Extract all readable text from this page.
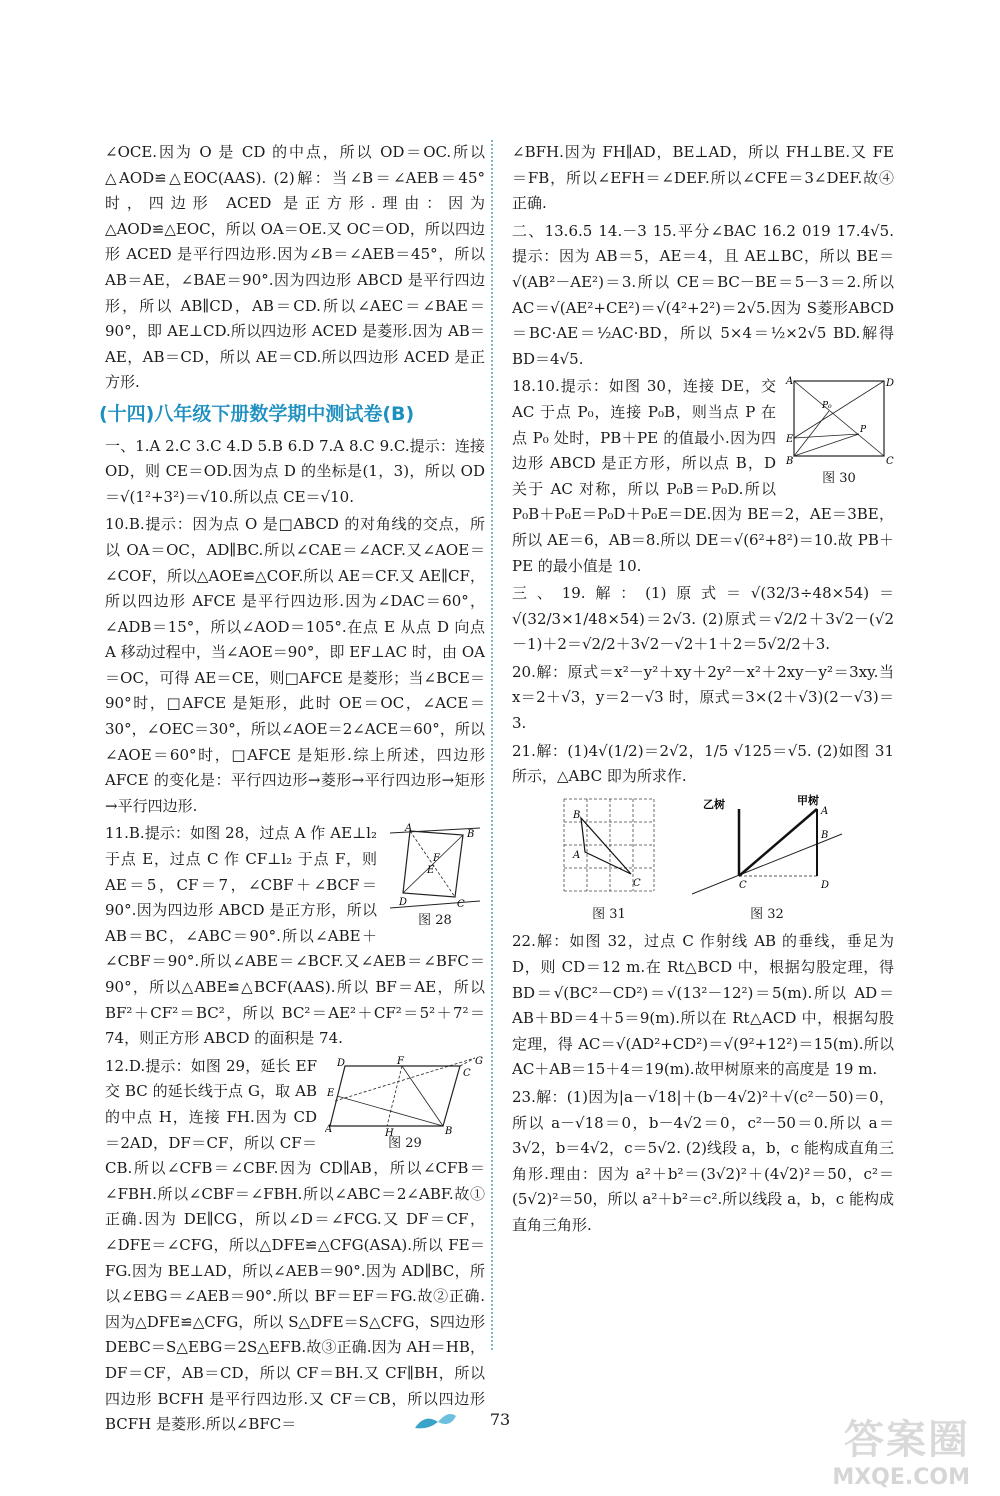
∠OCE.因为 O 是 CD 的中点，所以 OD＝OC.所以△AOD≌△EOC(AAS). (2)解：当∠B＝∠AEB＝45°时，四边形 ACED 是正方形.理由：因为△AOD≌△EOC，所以 OA＝OE.又 OC＝OD，所以四边形 ACED 是平行四边形.因为∠B＝∠AEB＝45°，所以 AB＝AE，∠BAE＝90°.因为四边形 ABCD 是平行四边形，所以 AB∥CD，AB＝CD.所以∠AEC＝∠BAE＝90°，即 AE⊥CD.所以四边形 ACED 是菱形.因为 AB＝AE，AB＝CD，所以 AE＝CD.所以四边形 ACED 是正方形.

(十四)八年级下册数学期中测试卷(B)

一、1.A 2.C 3.C 4.D 5.B 6.D 7.A 8.C 9.C.提示：连接 OD，则 CE＝OD.因为点 D 的坐标是(1，3)，所以 OD＝√(1²+3²)＝√10.所以点 CE＝√10.

10.B.提示：因为点 O 是□ABCD 的对角线的交点，所以 OA＝OC，AD∥BC.所以∠CAE＝∠ACF.又∠AOE＝∠COF，所以△AOE≌△COF.所以 AE＝CF.又 AE∥CF，所以四边形 AFCE 是平行四边形.因为∠DAC＝60°，∠ADB＝15°，所以∠AOD＝105°.在点 E 从点 D 向点 A 移动过程中，当∠AOE＝90°，即 EF⊥AC 时，由 OA＝OC，可得 AE＝CE，则□AFCE 是菱形；当∠BCE＝90°时，□AFCE 是矩形，此时 OE＝OC，∠ACE＝30°，∠OEC＝30°，所以∠AOE＝2∠ACE＝60°，所以∠AOE＝60°时，□AFCE 是矩形.综上所述，四边形 AFCE 的变化是：平行四边形→菱形→平行四边形→矩形→平行四边形.

A
B
C
D
F
E
图 28

11.B.提示：如图 28，过点 A 作 AE⊥l₂ 于点 E，过点 C 作 CF⊥l₂ 于点 F，则 AE＝5，CF＝7，∠CBF＋∠BCF＝90°.因为四边形 ABCD 是正方形，所以 AB＝BC，∠ABC＝90°.所以∠ABE＋∠CBF＝90°.所以∠ABE＝∠BCF.又∠AEB＝∠BFC＝90°，所以△ABE≌△BCF(AAS).所以 BF＝AE，所以 BF²＋CF²＝BC²，所以 BC²＝AE²＋CF²＝5²＋7²＝74，则正方形 ABCD 的面积是 74.

D	F	G
C
E
A	H	B
图 29

12.D.提示：如图 29，延长 EF 交 BC 的延长线于点 G，取 AB 的中点 H，连接 FH.因为 CD＝2AD，DF＝CF，所以 CF＝CB.所以∠CFB＝∠CBF.因为 CD∥AB，所以∠CFB＝∠FBH.所以∠CBF＝∠FBH.所以∠ABC＝2∠ABF.故①正确.因为 DE∥CG，所以∠D＝∠FCG.又 DF＝CF，∠DFE＝∠CFG，所以△DFE≌△CFG(ASA).所以 FE＝FG.因为 BE⊥AD，所以∠AEB＝90°.因为 AD∥BC，所以∠EBG＝∠AEB＝90°.所以 BF＝EF＝FG.故②正确.因为△DFE≌△CFG，所以 S△DFE＝S△CFG，S四边形DEBC＝S△EBG＝2S△EFB.故③正确.因为 AH＝HB，DF＝CF，AB＝CD，所以 CF＝BH.又 CF∥BH，所以四边形 BCFH 是平行四边形.又 CF＝CB，所以四边形 BCFH 是菱形.所以∠BFC＝

∠BFH.因为 FH∥AD，BE⊥AD，所以 FH⊥BE.又 FE＝FB，所以∠EFH＝∠DEF.所以∠CFE＝3∠DEF.故④正确.

二、13.6.5 14.－3 15.平分∠BAC 16.2 019 17.4√5.提示：因为 AB＝5，AE＝4，且 AE⊥BC，所以 BE＝√(AB²－AE²)＝3.所以 CE＝BC－BE＝5－3＝2.所以 AC＝√(AE²+CE²)＝√(4²+2²)＝2√5.因为 S菱形ABCD＝BC·AE＝½AC·BD，所以 5×4＝½×2√5 BD.解得 BD＝4√5.

A	D
E
B	C
P₀
P
图 30

18.10.提示：如图 30，连接 DE，交 AC 于点 P₀，连接 P₀B，则当点 P 在点 P₀ 处时，PB＋PE 的值最小.因为四边形 ABCD 是正方形，所以点 B，D 关于 AC 对称，所以 P₀B＝P₀D.所以 P₀B＋P₀E＝P₀D＋P₀E＝DE.因为 BE＝2，AE＝3BE，所以 AE＝6，AB＝8.所以 DE＝√(6²+8²)＝10.故 PB＋PE 的最小值是 10.

三、19.解：(1)原式＝√(32/3÷48×54)＝√(32/3×1/48×54)＝2√3. (2)原式＝√2/2＋3√2－(√2－1)＋2＝√2/2＋3√2－√2＋1＋2＝5√2/2＋3.

20.解：原式＝x²－y²＋xy＋2y²－x²＋2xy－y²＝3xy.当 x＝2＋√3，y＝2－√3 时，原式＝3×(2＋√3)(2－√3)＝3.

21.解：(1)4√(1/2)＝2√2，1/5 √125＝√5. (2)如图 31 所示，△ABC 即为所求作.

B
A
C
图 31
C
A
B
D
乙树	甲树
图 32

22.解：如图 32，过点 C 作射线 AB 的垂线，垂足为 D，则 CD＝12 m.在 Rt△BCD 中，根据勾股定理，得 BD＝√(BC²－CD²)＝√(13²－12²)＝5(m).所以 AD＝AB＋BD＝4＋5＝9(m).所以在 Rt△ACD 中，根据勾股定理，得 AC＝√(AD²+CD²)＝√(9²+12²)＝15(m).所以 AC＋AB＝15＋4＝19(m).故甲树原来的高度是 19 m.

23.解：(1)因为|a－√18|＋(b－4√2)²＋√(c²－50)＝0，所以 a－√18＝0，b－4√2＝0，c²－50＝0.所以 a＝3√2，b＝4√2，c＝5√2. (2)线段 a，b，c 能构成直角三角形.理由：因为 a²＋b²＝(3√2)²＋(4√2)²＝50，c²＝(5√2)²＝50，所以 a²＋b²＝c².所以线段 a，b，c 能构成直角三角形.

73	答案圈
MXQE.COM
